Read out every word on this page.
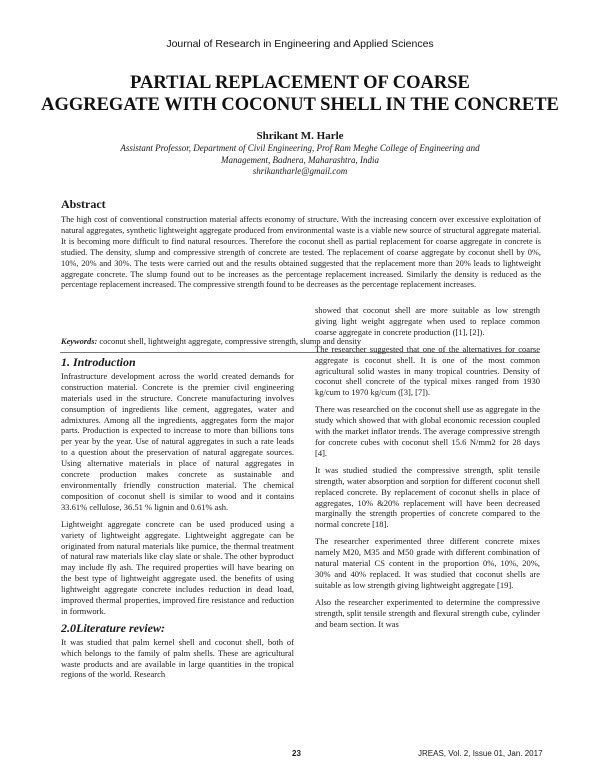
Journal of Research in Engineering and Applied Sciences
PARTIAL REPLACEMENT OF COARSE
AGGREGATE WITH COCONUT SHELL IN THE CONCRETE
Shrikant M. Harle
Assistant Professor, Department of Civil Engineering, Prof Ram Meghe College of Engineering and
Management, Badnera, Maharashtra, India
shrikantharle@gmail.com
Abstract
The high cost of conventional construction material affects economy of structure. With the increasing concern over excessive exploitation of natural aggregates, synthetic lightweight aggregate produced from environmental waste is a viable new source of structural aggregate material. It is becoming more difficult to find natural resources. Therefore the coconut shell as partial replacement for coarse aggregate in concrete is studied. The density, slump and compressive strength of concrete are tested. The replacement of coarse aggregate by coconut shell by 0%, 10%, 20% and 30%. The tests were carried out and the results obtained suggested that the replacement more than 20% leads to lightweight aggregate concrete. The slump found out to be increases as the percentage replacement increased. Similarly the density is reduced as the percentage replacement increased. The compressive strength found to be decreases as the percentage replacement increases.
Keywords: coconut shell, lightweight aggregate, compressive strength, slump and density
1. Introduction

Infrastructure development across the world created demands for construction material. Concrete is the premier civil engineering materials used in the structure. Concrete manufacturing involves consumption of ingredients like cement, aggregates, water and admixtures. Among all the ingredients, aggregates form the major parts. Production is expected to increase to more than billions tons per year by the year. Use of natural aggregates in such a rate leads to a question about the preservation of natural aggregate sources. Using alternative materials in place of natural aggregates in concrete production makes concrete as sustainable and environmentally friendly construction material. The chemical composition of coconut shell is similar to wood and it contains 33.61% cellulose, 36.51 % lignin and 0.61% ash.

Lightweight aggregate concrete can be used produced using a variety of lightweight aggregate. Lightweight aggregate can be originated from natural materials like pumice, the thermal treatment of natural raw materials like clay slate or shale. The other byproduct may include fly ash. The required properties will have bearing on the best type of lightweight aggregate used. the benefits of using lightweight aggregate concrete includes reduction in dead load, improved thermal properties, improved fire resistance and reduction in formwork.

2.0Literature review:

It was studied that palm kernel shell and coconut shell, both of which belongs to the family of palm shells. These are agricultural waste products and are available in large quantities in the tropical regions of the world. Research

showed that coconut shell are more suitable as low strength giving light weight aggregate when used to replace common coarse aggregate in concrete production ([1], [2]).

The researcher suggested that one of the alternatives for coarse aggregate is coconut shell. It is one of the most common agricultural solid wastes in many tropical countries. Density of coconut shell concrete of the typical mixes ranged from 1930 kg/cum to 1970 kg/cum ([3], [7]).

There was researched on the coconut shell use as aggregate in the study which showed that with global economic recession coupled with the market inflator trends. The average compressive strength for concrete cubes with coconut shell 15.6 N/mm2 for 28 days [4].

It was studied studied the compressive strength, split tensile strength, water absorption and sorption for different coconut shell replaced concrete. By replacement of coconut shells in place of aggregates, 10% &20% replacement will have been decreased marginally the strength properties of concrete compared to the normal concrete [18].

The researcher experimented three different concrete mixes namely M20, M35 and M50 grade with different combination of natural material CS content in the proportion 0%, 10%, 20%, 30% and 40% replaced. It was studied that coconut shells are suitable as low strength giving lightweight aggregate [19].

Also the researcher experimented to determine the compressive strength, split tensile strength and flexural strength cube, cylinder and beam section. It was

23	JREAS, Vol. 2, Issue 01, Jan. 2017
